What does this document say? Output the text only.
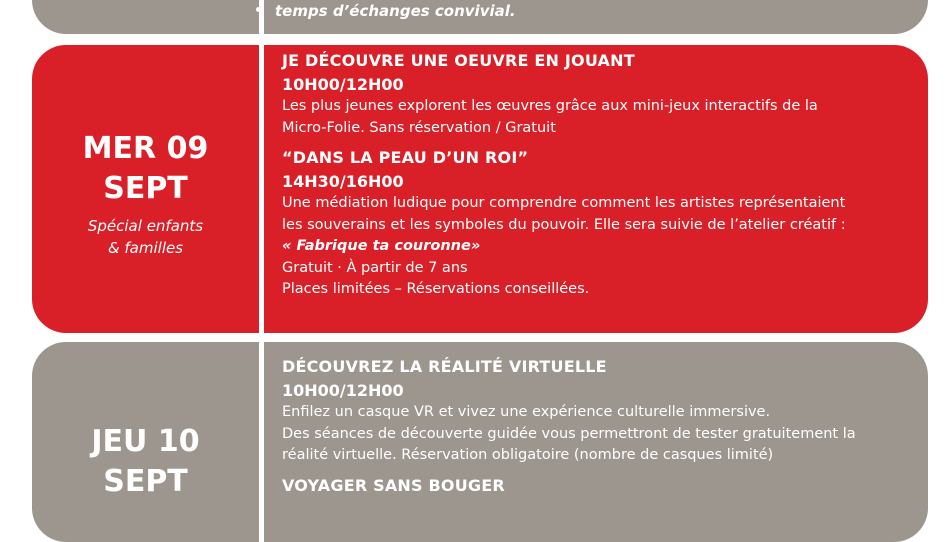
temps d’échanges convivial.
MER 09
SEPT
Spécial enfants
& familles
JE DÉCOUVRE UNE OEUVRE EN JOUANT
10H00/12H00
Les plus jeunes explorent les œuvres grâce aux mini-jeux interactifs de la
Micro-Folie. Sans réservation / Gratuit
“DANS LA PEAU D’UN ROI”
14H30/16H00
Une médiation ludique pour comprendre comment les artistes représentaient
les souverains et les symboles du pouvoir. Elle sera suivie de l’atelier créatif :
« Fabrique ta couronne»
Gratuit · À partir de 7 ans
Places limitées – Réservations conseillées.
JEU 10
SEPT
DÉCOUVREZ LA RÉALITÉ VIRTUELLE
10H00/12H00
Enfilez un casque VR et vivez une expérience culturelle immersive.
Des séances de découverte guidée vous permettront de tester gratuitement la
réalité virtuelle. Réservation obligatoire (nombre de casques limité)
VOYAGER SANS BOUGER
